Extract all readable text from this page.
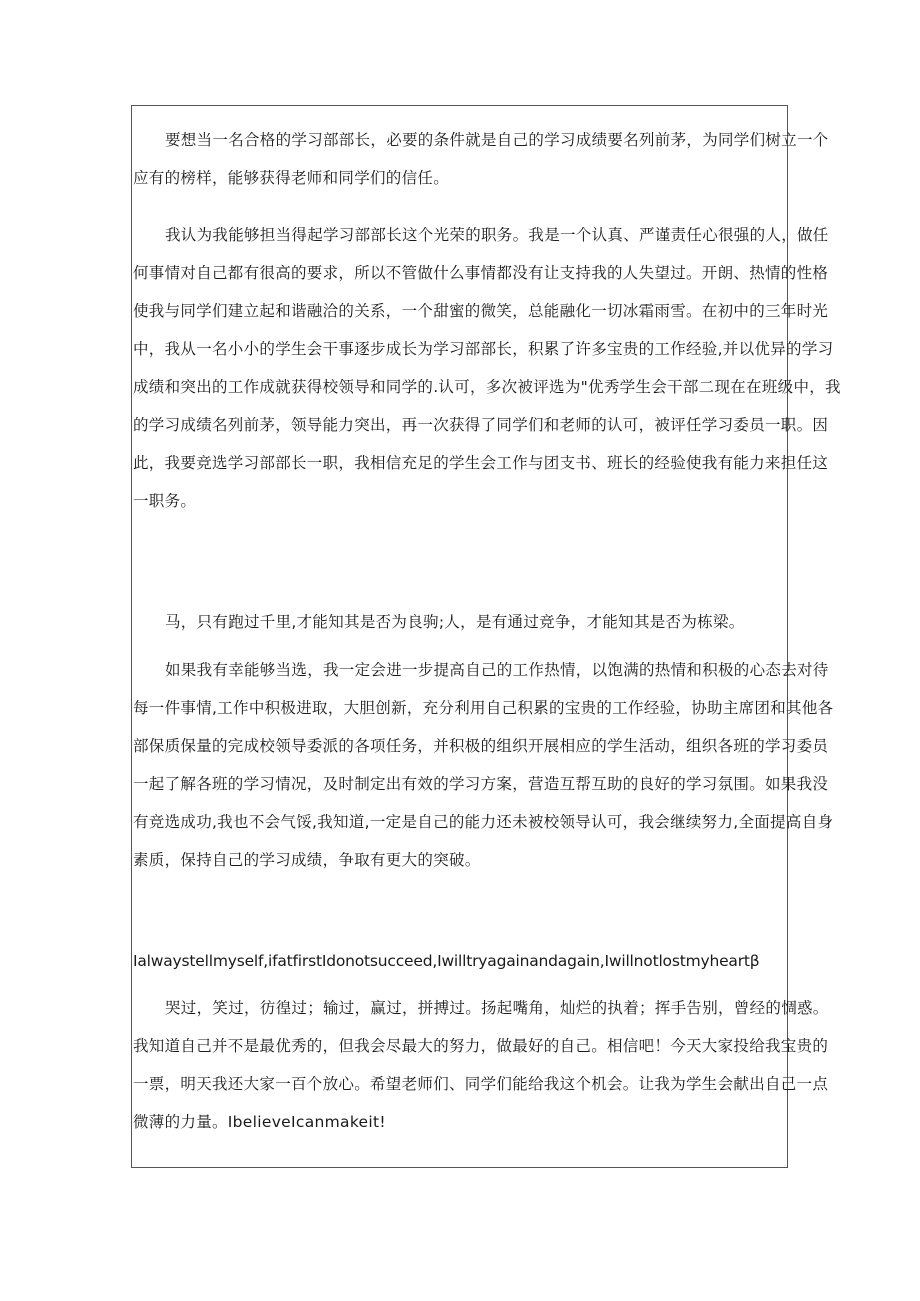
要想当一名合格的学习部部长，必要的条件就是自己的学习成绩要名列前茅，为同学们树立一个
应有的榜样，能够获得老师和同学们的信任。
我认为我能够担当得起学习部部长这个光荣的职务。我是一个认真、严谨责任心很强的人，做任
何事情对自己都有很高的要求，所以不管做什么事情都没有让支持我的人失望过。开朗、热情的性格
使我与同学们建立起和谐融洽的关系，一个甜蜜的微笑，总能融化一切冰霜雨雪。在初中的三年时光
中，我从一名小小的学生会干事逐步成长为学习部部长，积累了许多宝贵的工作经验,并以优异的学习
成绩和突出的工作成就获得校领导和同学的.认可，多次被评选为"优秀学生会干部二现在在班级中，我
的学习成绩名列前茅，领导能力突出，再一次获得了同学们和老师的认可，被评任学习委员一职。因
此，我要竞选学习部部长一职，我相信充足的学生会工作与团支书、班长的经验使我有能力来担任这
一职务。
马，只有跑过千里,才能知其是否为良驹;人，是有通过竞争，才能知其是否为栋梁。
如果我有幸能够当选，我一定会进一步提高自己的工作热情，以饱满的热情和积极的心态去对待
每一件事情,工作中积极进取，大胆创新，充分利用自己积累的宝贵的工作经验，协助主席团和其他各
部保质保量的完成校领导委派的各项任务，并积极的组织开展相应的学生活动，组织各班的学习委员
一起了解各班的学习情况，及时制定出有效的学习方案，营造互帮互助的良好的学习氛围。如果我没
有竞选成功,我也不会气馁,我知道,一定是自己的能力还未被校领导认可，我会继续努力,全面提高自身
素质，保持自己的学习成绩，争取有更大的突破。
Ialwaystellmyself,ifatfirstIdonotsucceed,Iwilltryagainandagain,Iwillnotlostmyheartβ
哭过，笑过，彷徨过；输过，赢过，拼搏过。扬起嘴角，灿烂的执着；挥手告别，曾经的惆惑。
我知道自己并不是最优秀的，但我会尽最大的努力，做最好的自己。相信吧！今天大家投给我宝贵的
一票，明天我还大家一百个放心。希望老师们、同学们能给我这个机会。让我为学生会献出自己一点
微薄的力量。IbelieveIcanmakeit!
